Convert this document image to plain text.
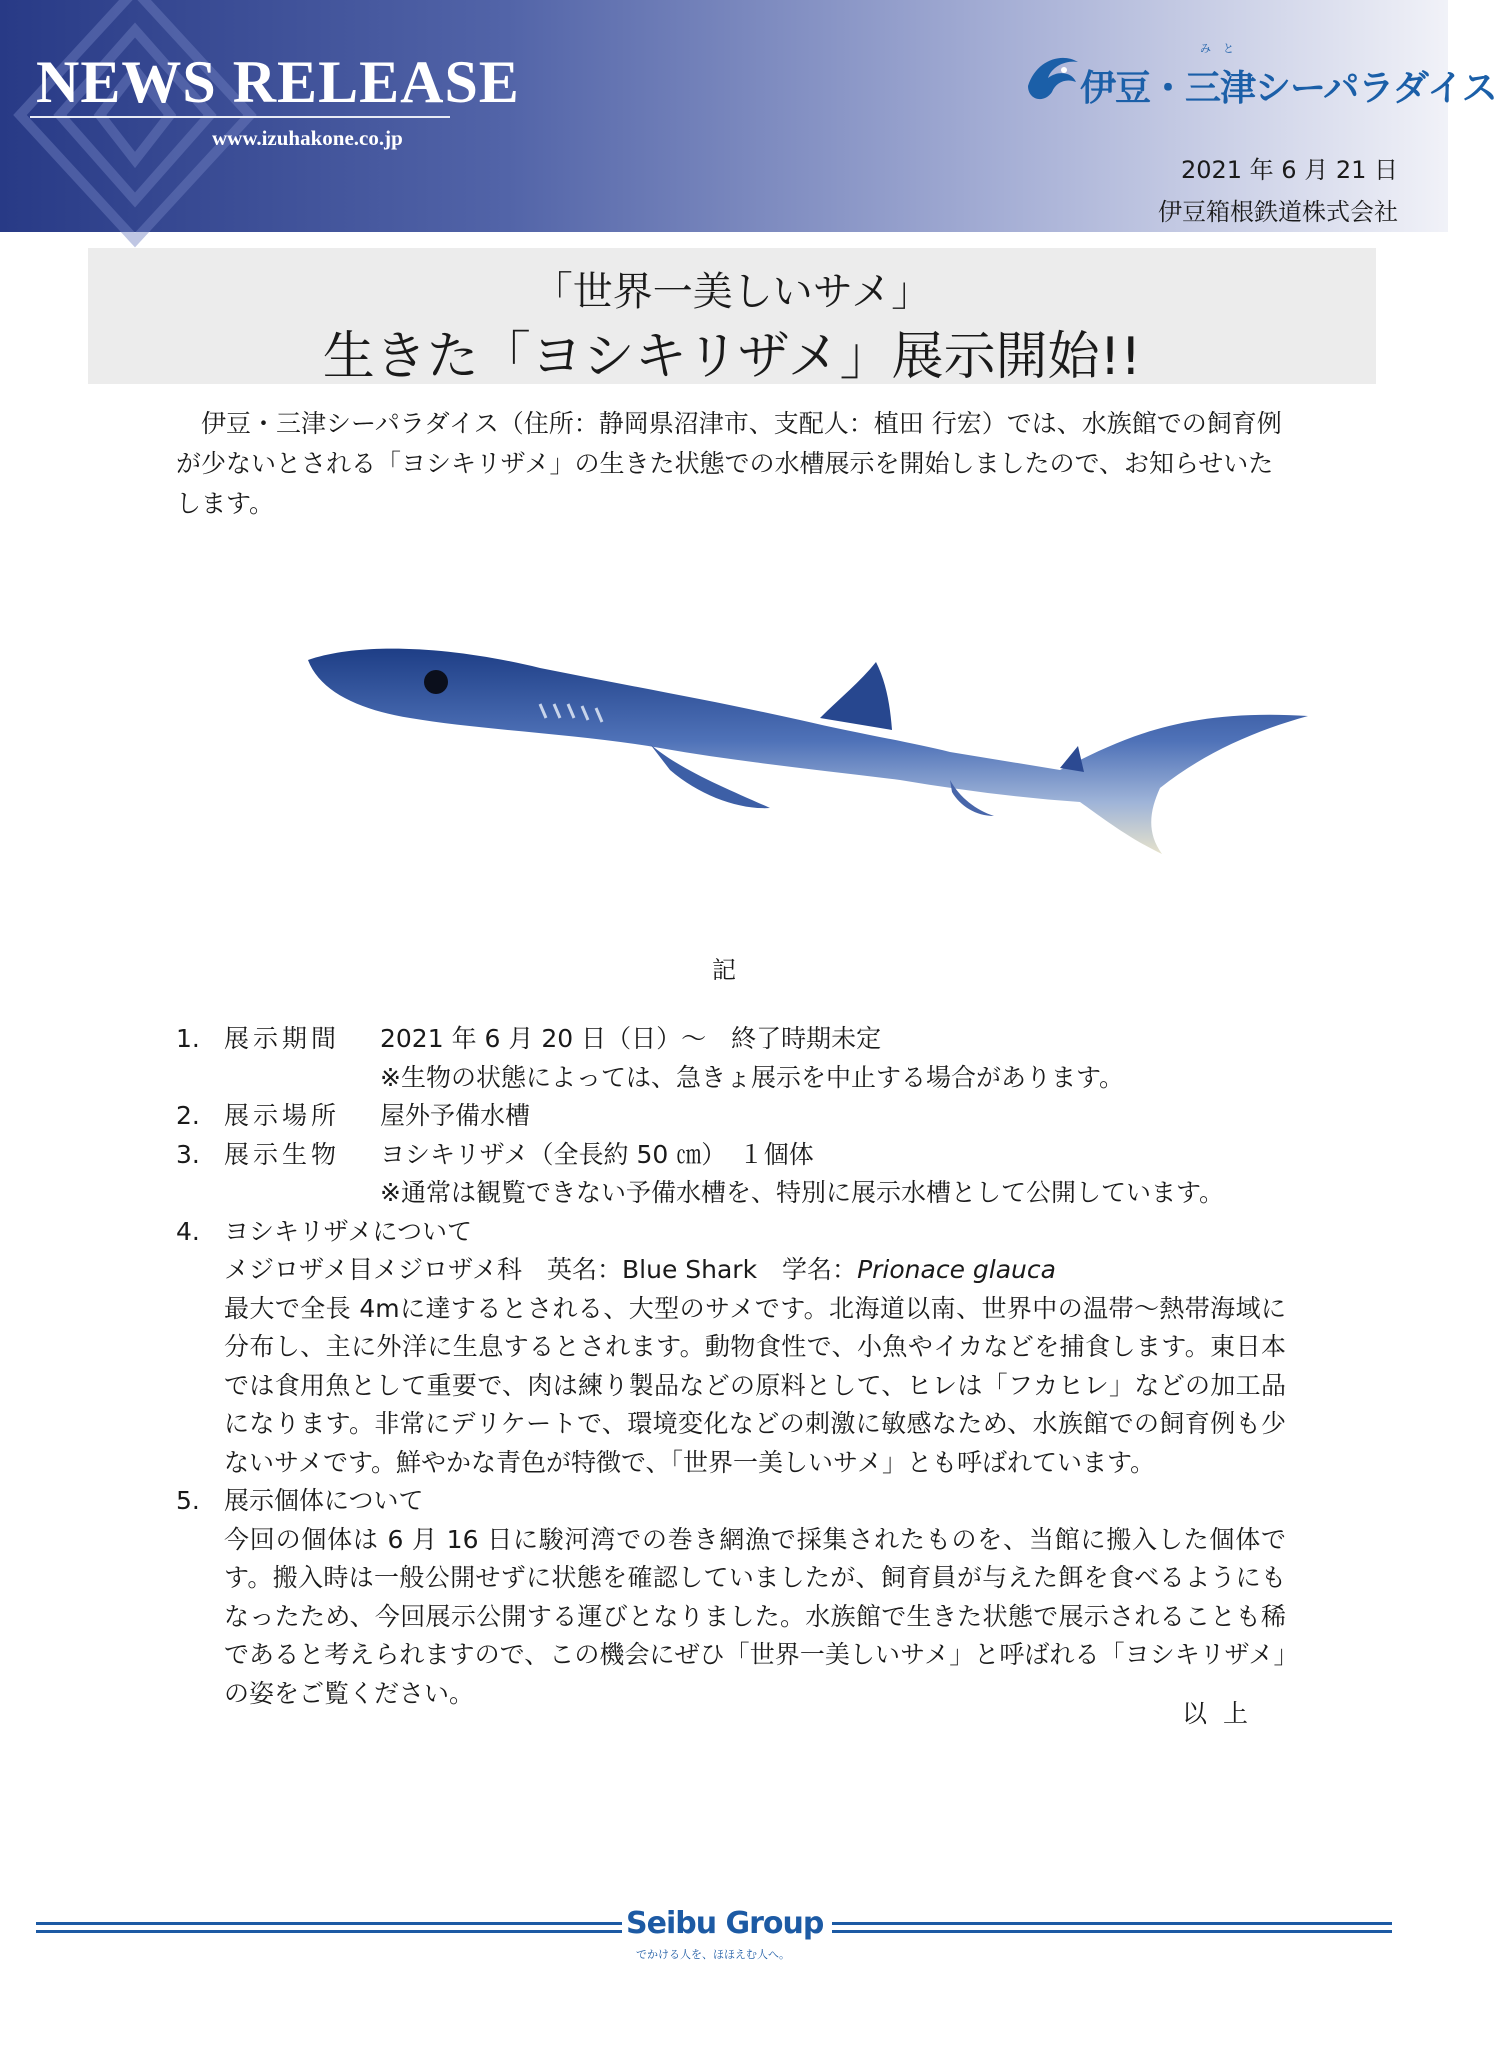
NEWS RELEASE
www.izuhakone.co.jp
みと
伊豆・三津シーパラダイス
2021 年 6 月 21 日
伊豆箱根鉄道株式会社
「世界一美しいサメ」
生きた「ヨシキリザメ」展示開始!!
伊豆・三津シーパラダイス（住所：静岡県沼津市、支配人：植田 行宏）では、水族館での飼育例が少ないとされる「ヨシキリザメ」の生きた状態での水槽展示を開始しましたので、お知らせいたします。
記
1. 展示期間 2021 年 6 月 20 日（日）～　終了時期未定
※生物の状態によっては、急きょ展示を中止する場合があります。
2. 展示場所 屋外予備水槽
3. 展示生物 ヨシキリザメ（全長約 50 ㎝）　１個体
※通常は観覧できない予備水槽を、特別に展示水槽として公開しています。
4. ヨシキリザメについて
メジロザメ目メジロザメ科　英名：Blue Shark　学名：Prionace glauca
最大で全長 4mに達するとされる、大型のサメです。北海道以南、世界中の温帯～熱帯海域に分布し、主に外洋に生息するとされます。動物食性で、小魚やイカなどを捕食します。東日本では食用魚として重要で、肉は練り製品などの原料として、ヒレは「フカヒレ」などの加工品になります。非常にデリケートで、環境変化などの刺激に敏感なため、水族館での飼育例も少ないサメです。鮮やかな青色が特徴で、「世界一美しいサメ」とも呼ばれています。
5. 展示個体について
今回の個体は 6 月 16 日に駿河湾での巻き網漁で採集されたものを、当館に搬入した個体です。搬入時は一般公開せずに状態を確認していましたが、飼育員が与えた餌を食べるようにもなったため、今回展示公開する運びとなりました。水族館で生きた状態で展示されることも稀であると考えられますので、この機会にぜひ「世界一美しいサメ」と呼ばれる「ヨシキリザメ」の姿をご覧ください。
以上
Seibu Group
でかける人を、ほほえむ人へ。
